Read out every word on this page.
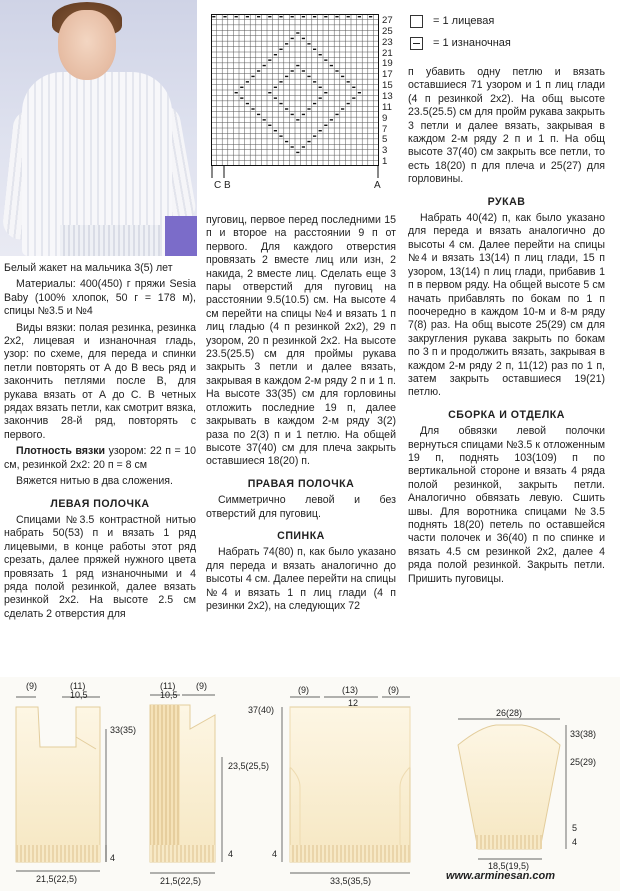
Белый жакет на мальчика 3(5) лет

Материалы: 400(450) г пряжи Sesia Baby (100% хлопок, 50 г = 178 м), спицы №3.5 и №4

Виды вязки: полая резинка, резинка 2х2, лицевая и изнаночная гладь, узор: по схеме, для переда и спинки петли повторять от А до В весь ряд и закончить петлями после В, для рукава вязать от А до С. В четных рядах вязать петли, как смотрит вязка, закончив 28-й ряд, повторять с первого.

Плотность вязки узором: 22 п = 10 см, резинкой 2х2: 20 п = 8 см

Вяжется нитью в два сложения.

ЛЕВАЯ ПОЛОЧКА

Спицами №3.5 контрастной нитью набрать 50(53) п и вязать 1 ряд лицевыми, в конце работы этот ряд срезать, далее пряжей нужного цвета провязать 1 ряд изнаночными и 4 ряда полой резинкой, далее вязать резинкой 2х2. На высоте 2.5 см сделать 2 отверстия для

27
25
23
21
19
17
15
13
11
9
7
5
3
1
C B	A
= 1 лицевая
= 1 изнаночная

пуговиц, первое перед последними 15 п и второе на расстоянии 9 п от первого. Для каждого отверстия провязать 2 вместе лиц или изн, 2 накида, 2 вместе лиц. Сделать еще 3 пары отверстий для пуговиц на расстоянии 9.5(10.5) см. На высоте 4 см перейти на спицы №4 и вязать 1 п лиц гладью (4 п резинкой 2х2), 29 п узором, 20 п резинкой 2х2. На высоте 23.5(25.5) см для проймы рукава закрыть 3 петли и далее вязать, закрывая в каждом 2-м ряду 2 п и 1 п. На высоте 33(35) см для горловины отложить последние 19 п, далее закрывать в каждом 2-м ряду 3(2) раза по 2(3) п и 1 петлю. На общей высоте 37(40) см для плеча закрыть оставшиеся 18(20) п.

ПРАВАЯ ПОЛОЧКА

Симметрично левой и без отверстий для пуговиц.

СПИНКА

Набрать 74(80) п, как было указано для переда и вязать аналогично до высоты 4 см. Далее перейти на спицы №4 и вязать 1 п лиц глади (4 п резинки 2х2), на следующих 72

п убавить одну петлю и вязать оставшиеся 71 узором и 1 п лиц глади (4 п резинкой 2х2). На общ высоте 23.5(25.5) см для пройм рукава закрыть 3 петли и далее вязать, закрывая в каждом 2-м ряду 2 п и 1 п. На общ высоте 37(40) см закрыть все петли, то есть 18(20) п для плеча и 25(27) для горловины.

РУКАВ

Набрать 40(42) п, как было указано для переда и вязать аналогично до высоты 4 см. Далее перейти на спицы №4 и вязать 13(14) п лиц глади, 15 п узором, 13(14) п лиц глади, прибавив 1 п в первом ряду. На общей высоте 5 см начать прибавлять по бокам по 1 п поочередно в каждом 10-м и 8-м ряду 7(8) раз. На общ высоте 25(29) см для закругления рукава закрыть по бокам по 3 п и продолжить вязать, закрывая в каждом 2-м ряду 2 п, 11(12) раз по 1 п, затем закрыть оставшиеся 19(21) петлю.

СБОРКА И ОТДЕЛКА

Для обвязки левой полочки вернуться спицами №3.5 к отложенным 19 п, поднять 103(109) п по вертикальной стороне и вязать 4 ряда полой резинкой, закрыть петли. Аналогично обвязать левую. Сшить швы. Для воротника спицами №3.5 поднять 18(20) петель по оставшейся части полочек и 36(40) п по спинке и вязать 4.5 см резинкой 2х2, далее 4 ряда полой резинкой. Закрыть петли. Пришить пуговицы.

(9)	(11)
10,5
33(35)
4
21,5(22,5)
(11)
10,5
(9)
23,5(25,5)
4
21,5(22,5)
(9)	(13)
12
(9)
37(40)
4
33,5(35,5)
26(28)
33(38)
25(29)
5
4
18,5(19,5)
www.arminesan.com
